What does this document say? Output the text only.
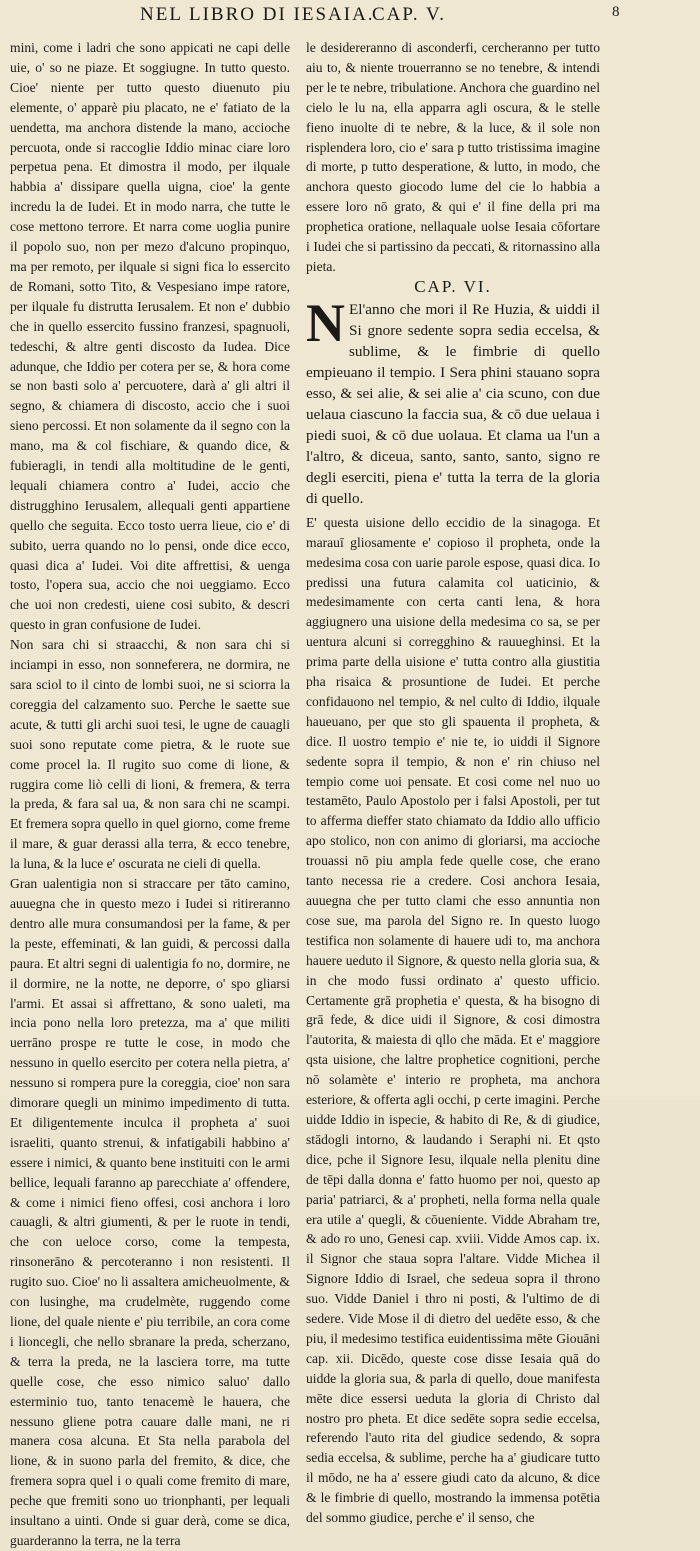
NEL LIBRO DI IESAIA.
CAP. V.	8

mini, come i ladri che sono appicati ne capi delle uie, o' so ne piaze. Et soggiugne. In tutto questo. Cioe' niente per tutto questo diuenuto piu elemente, o' apparè piu placato, ne e' fatiato de la uendetta, ma anchora distende la mano, accioche percuota, onde si raccoglie Iddio minac ciare loro perpetua pena. Et dimostra il modo, per ilquale habbia a' dissipare quella uigna, cioe' la gente incredu la de Iudei. Et in modo narra, che tutte le cose mettono terrore. Et narra come uoglia punire il popolo suo, non per mezo d'alcuno propinquo, ma per remoto, per ilquale si signi fica lo essercito de Romani, sotto Tito, & Vespesiano impe ratore, per ilquale fu distrutta Ierusalem. Et non e' dubbio che in quello essercito fussino franzesi, spagnuoli, tedeschi, & altre genti discosto da Iudea. Dice adunque, che Iddio per cotera per se, & hora come se non basti solo a' percuotere, darà a' gli altri il segno, & chiamera di discosto, accio che i suoi sieno percossi. Et non solamente da il segno con la mano, ma & col fischiare, & quando dice, & fubieragli, in tendi alla moltitudine de le genti, lequali chiamera contro a' Iudei, accio che distrugghino Ierusalem, allequali genti appartiene quello che seguita. Ecco tosto uerra lieue, cio e' di subito, uerra quando no lo pensi, onde dice ecco, quasi dica a' Iudei. Voi dite affrettisi, & uenga tosto, l'opera sua, accio che noi ueggiamo. Ecco che uoi non credesti, uiene cosi subito, & descri questo in gran confusione de Iudei.

Non sara chi si straacchi, & non sara chi si inciampi in esso, non sonneferera, ne dormira, ne sara sciol to il cinto de lombi suoi, ne si sciorra la coreggia del calzamento suo. Perche le saette sue acute, & tutti gli archi suoi tesi, le ugne de cauagli suoi sono reputate come pietra, & le ruote sue come procel la. Il rugito suo come di lione, & ruggira come liò celli di lioni, & fremera, & terra la preda, & fara sal ua, & non sara chi ne scampi. Et fremera sopra quello in quel giorno, come freme il mare, & guar derassi alla terra, & ecco tenebre, la luna, & la luce e' oscurata ne cieli di quella.

Gran ualentigia non si straccare per tāto camino, auuegna che in questo mezo i Iudei si ritireranno dentro alle mura consumandosi per la fame, & per la peste, effeminati, & lan guidi, & percossi dalla paura. Et altri segni di ualentigia fo no, dormire, ne il dormire, ne la notte, ne deporre, o' spo gliarsi l'armi. Et assai si affrettano, & sono ualeti, ma incia pono nella loro pretezza, ma a' que militi uerrāno prospe re tutte le cose, in modo che nessuno in quello esercito per cotera nella pietra, a' nessuno si rompera pure la coreggia, cioe' non sara dimorare quegli un minimo impedimento di tutta. Et diligentemente inculca il propheta a' suoi israeliti, quanto strenui, & infatigabili habbino a' essere i nimici, & quanto bene instituiti con le armi bellice, lequali faranno ap parecchiate a' offendere, & come i nimici fieno offesi, cosi anchora i loro cauagli, & altri giumenti, & per le ruote in tendi, che con ueloce corso, come la tempesta, rinsonerāno & percoteranno i non resistenti. Il rugito suo. Cioe' no li assaltera amicheuolmente, & con lusinghe, ma crudelmète, ruggendo come lione, del quale niente e' piu terribile, an cora come i lioncegli, che nello sbranare la preda, scherzano, & terra la preda, ne la lasciera torre, ma tutte quelle cose, che esso nimico saluo' dallo esterminio tuo, tanto tenacemè le hauera, che nessuno gliene potra cauare dalle mani, ne ri manera cosa alcuna. Et Sta nella parabola del lione, & in suono parla del fremito, & dice, che fremera sopra quel i o quali come fremito di mare, peche que fremiti sono uo trionphanti, per lequali insultano a uinti. Onde si guar derà, come se dica, guarderanno la terra, ne la terra

le desidereranno di asconderfi, cercheranno per tutto aiu to, & niente trouerranno se no tenebre, & intendi per le te nebre, tribulatione. Anchora che guardino nel cielo le lu na, ella apparra agli oscura, & le stelle fieno inuolte di te nebre, & la luce, & il sole non risplendera loro, cio e' sara p tutto tristissima imagine di morte, p tutto desperatione, & lutto, in modo, che anchora questo giocodo lume del cie lo habbia a essere loro nō grato, & qui e' il fine della pri ma prophetica oratione, nellaquale uolse Iesaia cōfortare i Iudei che si partissino da peccati, & ritornassino alla pieta.

CAP. VI.

N El'anno che mori il Re Huzia, & uiddi il Si gnore sedente sopra sedia eccelsa, & sublime, & le fimbrie di quello empieuano il tempio. I Sera phini stauano sopra esso, & sei alie, & sei alie a' cia scuno, con due uelaua ciascuno la faccia sua, & cō due uelaua i piedi suoi, & cō due uolaua. Et clama ua l'un a l'altro, & diceua, santo, santo, santo, signo re degli eserciti, piena e' tutta la terra de la gloria di quello.

E' questa uisione dello eccidio de la sinagoga. Et marauī gliosamente e' copioso il propheta, onde la medesima cosa con uarie parole espose, quasi dica. Io predissi una futura calamita col uaticinio, & medesimamente con certa canti lena, & hora aggiugnero una uisione della medesima co sa, se per uentura alcuni si corregghino & rauueghinsi. Et la prima parte della uisione e' tutta contro alla giustitia pha risaica & prosuntione de Iudei. Et perche confidauono nel tempio, & nel culto di Iddio, ilquale haueuano, per que sto gli spauenta il propheta, & dice. Il uostro tempio e' nie te, io uiddi il Signore sedente sopra il tempio, & non e' rin chiuso nel tempio come uoi pensate. Et cosi come nel nuo uo testamēto, Paulo Apostolo per i falsi Apostoli, per tut to afferma dieffer stato chiamato da Iddio allo ufficio apo stolico, non con animo di gloriarsi, ma accioche trouassi nō piu ampla fede quelle cose, che erano tanto necessa rie a credere. Cosi anchora Iesaia, auuegna che per tutto clami che esso annuntia non cose sue, ma parola del Signo re. In questo luogo testifica non solamente di hauere udi to, ma anchora hauere ueduto il Signore, & questo nella gloria sua, & in che modo fussi ordinato a' questo ufficio. Certamente grā prophetia e' questa, & ha bisogno di grā fede, & dice uidi il Signore, & cosi dimostra l'autorita, & maiesta di qllo che māda. Et e' maggiore qsta uisione, che laltre prophetice cognitioni, perche nō solamète e' interio re propheta, ma anchora esteriore, & offerta agli occhi, p certe imagini. Perche uidde Iddio in ispecie, & habito di Re, & di giudice, stādogli intorno, & laudando i Seraphi ni. Et qsto dice, pche il Signore Iesu, ilquale nella plenitu dine de tēpi dalla donna e' fatto huomo per noi, questo ap paria' patriarci, & a' propheti, nella forma nella quale era utile a' quegli, & cōueniente. Vidde Abraham tre, & ado ro uno, Genesi cap. xviii. Vidde Amos cap. ix. il Signor che staua sopra l'altare. Vidde Michea il Signore Iddio di Israel, che sedeua sopra il throno suo. Vidde Daniel i thro ni posti, & l'ultimo de di sedere. Vide Mose il di dietro del uedēte esso, & che piu, il medesimo testifica euidentissima mēte Giouāni cap. xii. Dicēdo, queste cose disse Iesaia quā do uidde la gloria sua, & parla di quello, doue manifesta mēte dice essersi ueduta la gloria di Christo dal nostro pro pheta. Et dice sedēte sopra sedie eccelsa, referendo l'auto rita del giudice sedendo, & sopra sedia eccelsa, & sublime, perche ha a' giudicare tutto il mōdo, ne ha a' essere giudi cato da alcuno, & dice & le fimbrie di quello, mostrando la immensa potētia del sommo giudice, perche e' il senso, che
